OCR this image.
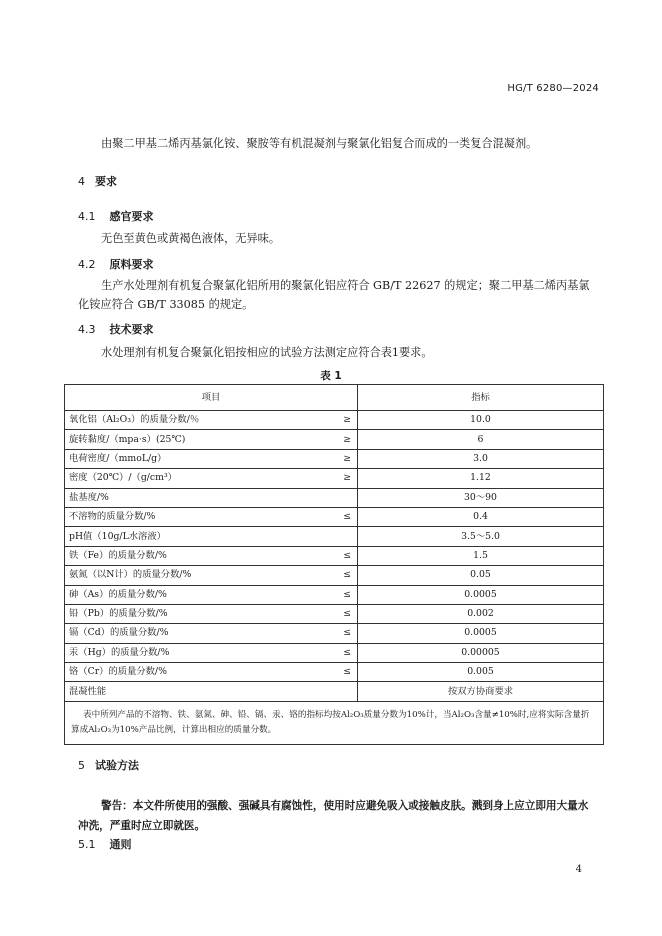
HG/T 6280—2024
由聚二甲基二烯丙基氯化铵、聚胺等有机混凝剂与聚氯化铝复合而成的一类复合混凝剂。
4 要求
4.1 感官要求
无色至黄色或黄褐色液体，无异味。
4.2 原料要求
生产水处理剂有机复合聚氯化铝所用的聚氯化铝应符合 GB/T 22627 的规定；聚二甲基二烯丙基氯化铵应符合 GB/T 33085 的规定。
4.3 技术要求
水处理剂有机复合聚氯化铝按相应的试验方法测定应符合表1要求。
表 1
项目		指标
氧化铝（Al₂O₃）的质量分数/％	≥	10.0
旋转黏度/（mpa·s）(25℃)	≥	6
电荷密度/（mmoL/g）	≥	3.0
密度（20℃）/（g/cm³）	≥	1.12
盐基度/%		30～90
不溶物的质量分数/%	≤	0.4
pH值（10g/L水溶液）		3.5～5.0
铁（Fe）的质量分数/%	≤	1.5
氨氮（以N计）的质量分数/%	≤	0.05
砷（As）的质量分数/%	≤	0.0005
铅（Pb）的质量分数/%	≤	0.002
镉（Cd）的质量分数/%	≤	0.0005
汞（Hg）的质量分数/%	≤	0.00005
铬（Cr）的质量分数/%	≤	0.005
混凝性能		按双方协商要求
表中所列产品的不溶物、铁、氨氮、砷、铅、镉、汞、铬的指标均按Al₂O₃质量分数为10%计，当Al₂O₃含量≠10%时,应将实际含量折算成Al₂O₃为10%产品比例，计算出相应的质量分数。		
5 试验方法
警告：本文件所使用的强酸、强碱具有腐蚀性，使用时应避免吸入或接触皮肤。溅到身上应立即用大量水冲洗，严重时应立即就医。
5.1 通则
4
